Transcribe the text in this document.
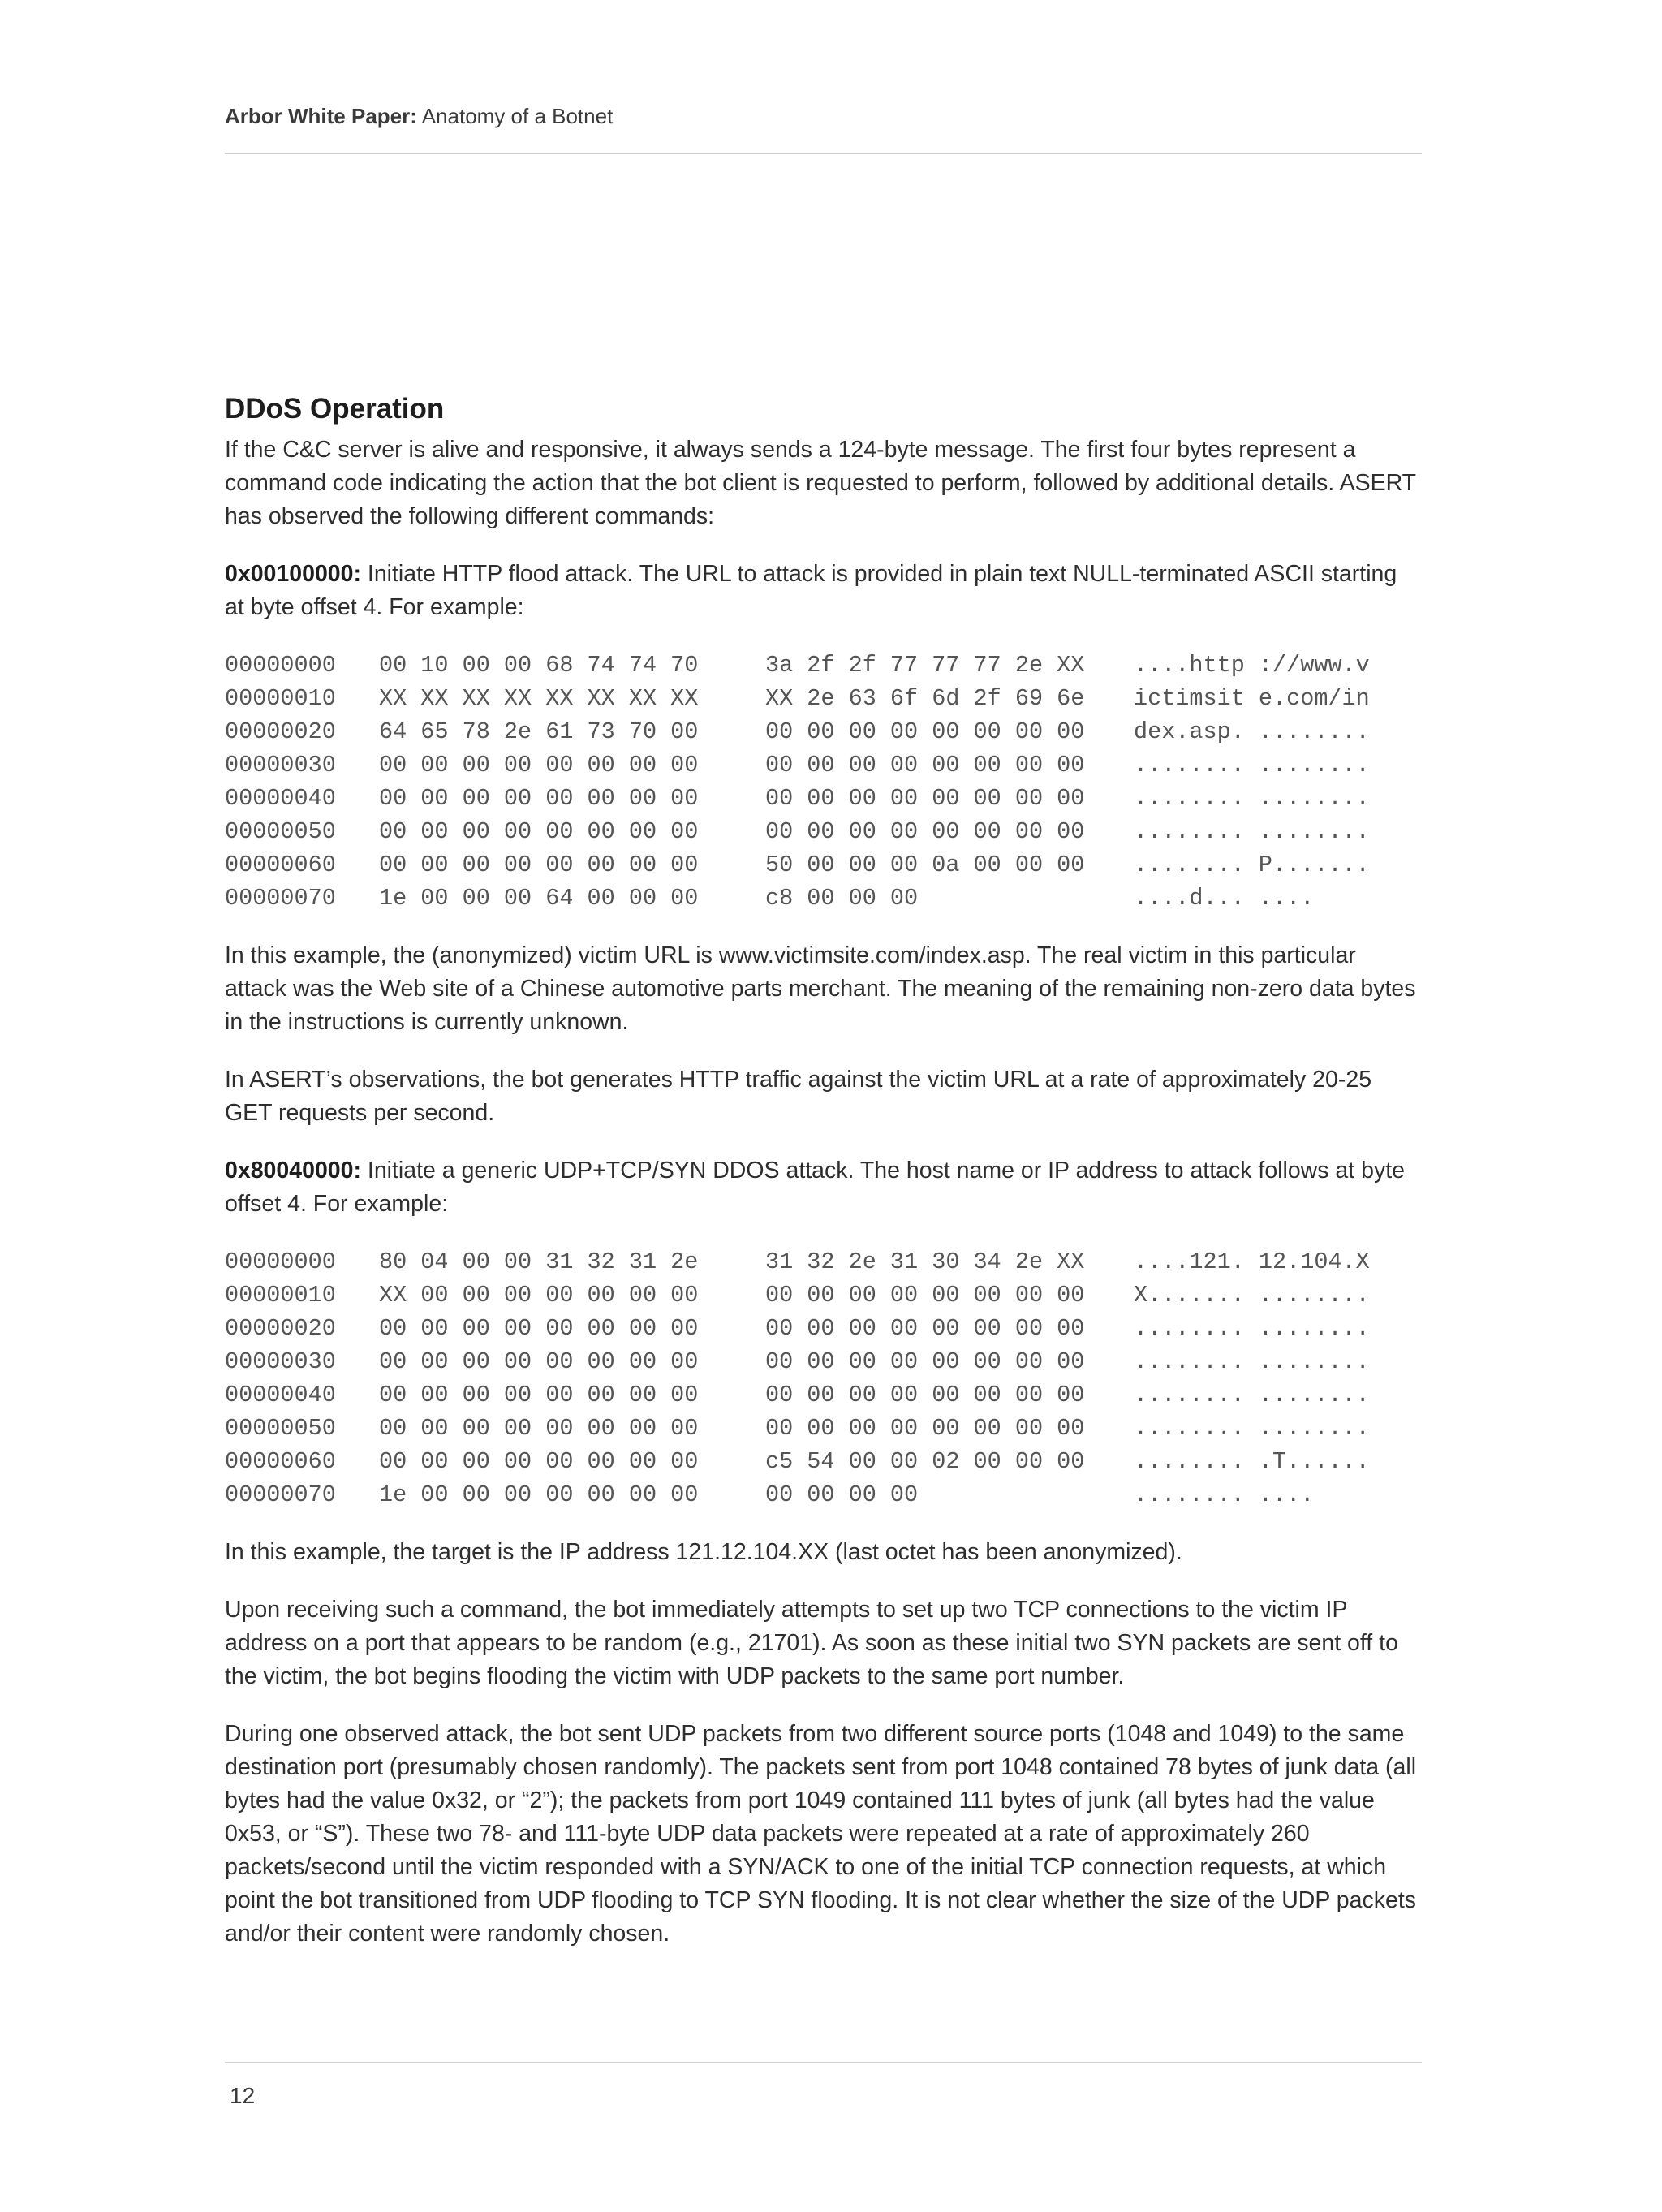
Arbor White Paper: Anatomy of a Botnet
DDoS Operation

If the C&C server is alive and responsive, it always sends a 124-byte message. The first four bytes represent a command code indicating the action that the bot client is requested to perform, followed by additional details. ASERT has observed the following different commands:

0x00100000: Initiate HTTP flood attack. The URL to attack is provided in plain text NULL-terminated ASCII starting at byte offset 4. For example:

00000000	00 10 00 00 68 74 74 70	3a 2f 2f 77 77 77 2e XX	....http ://www.v
00000010	XX XX XX XX XX XX XX XX	XX 2e 63 6f 6d 2f 69 6e	ictimsit e.com/in
00000020	64 65 78 2e 61 73 70 00	00 00 00 00 00 00 00 00	dex.asp. ........
00000030	00 00 00 00 00 00 00 00	00 00 00 00 00 00 00 00	........ ........
00000040	00 00 00 00 00 00 00 00	00 00 00 00 00 00 00 00	........ ........
00000050	00 00 00 00 00 00 00 00	00 00 00 00 00 00 00 00	........ ........
00000060	00 00 00 00 00 00 00 00	50 00 00 00 0a 00 00 00	........ P.......
00000070	1e 00 00 00 64 00 00 00	c8 00 00 00	....d... ....

In this example, the (anonymized) victim URL is www.victimsite.com/index.asp. The real victim in this particular attack was the Web site of a Chinese automotive parts merchant. The meaning of the remaining non-zero data bytes in the instructions is currently unknown.

In ASERT’s observations, the bot generates HTTP traffic against the victim URL at a rate of approximately 20-25 GET requests per second.

0x80040000: Initiate a generic UDP+TCP/SYN DDOS attack. The host name or IP address to attack follows at byte offset 4. For example:

00000000	80 04 00 00 31 32 31 2e	31 32 2e 31 30 34 2e XX	....121. 12.104.X
00000010	XX 00 00 00 00 00 00 00	00 00 00 00 00 00 00 00	X....... ........
00000020	00 00 00 00 00 00 00 00	00 00 00 00 00 00 00 00	........ ........
00000030	00 00 00 00 00 00 00 00	00 00 00 00 00 00 00 00	........ ........
00000040	00 00 00 00 00 00 00 00	00 00 00 00 00 00 00 00	........ ........
00000050	00 00 00 00 00 00 00 00	00 00 00 00 00 00 00 00	........ ........
00000060	00 00 00 00 00 00 00 00	c5 54 00 00 02 00 00 00	........ .T......
00000070	1e 00 00 00 00 00 00 00	00 00 00 00	........ ....

In this example, the target is the IP address 121.12.104.XX (last octet has been anonymized).

Upon receiving such a command, the bot immediately attempts to set up two TCP connections to the victim IP address on a port that appears to be random (e.g., 21701). As soon as these initial two SYN packets are sent off to the victim, the bot begins flooding the victim with UDP packets to the same port number.

During one observed attack, the bot sent UDP packets from two different source ports (1048 and 1049) to the same destination port (presumably chosen randomly). The packets sent from port 1048 contained 78 bytes of junk data (all bytes had the value 0x32, or “2”); the packets from port 1049 contained 111 bytes of junk (all bytes had the value 0x53, or “S”). These two 78- and 111-byte UDP data packets were repeated at a rate of approximately 260 packets/second until the victim responded with a SYN/ACK to one of the initial TCP connection requests, at which point the bot transitioned from UDP flooding to TCP SYN flooding. It is not clear whether the size of the UDP packets and/or their content were randomly chosen.

12
